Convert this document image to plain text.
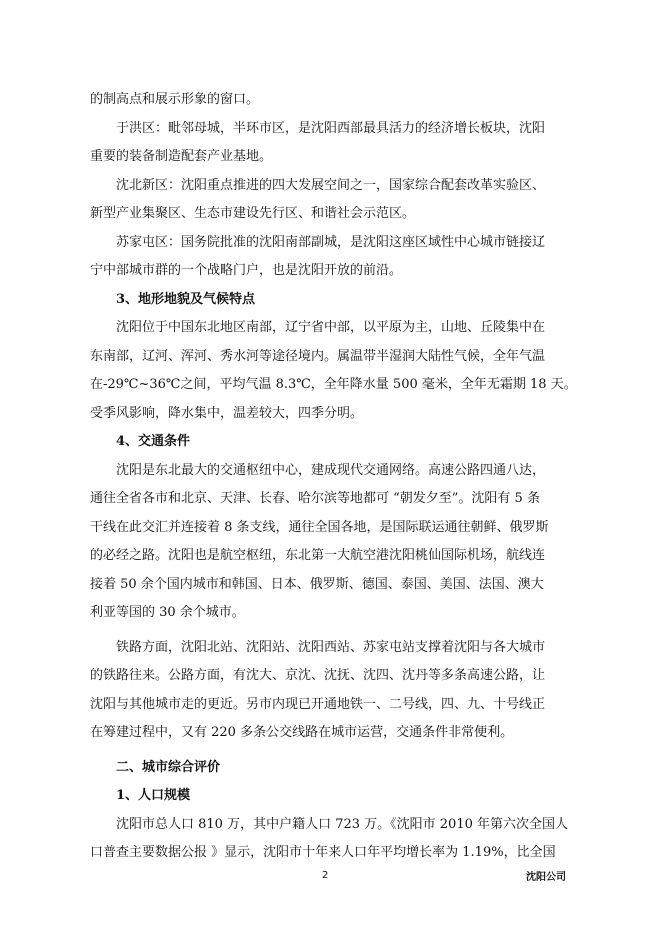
的制高点和展示形象的窗口。
于洪区：毗邻母城，半环市区，是沈阳西部最具活力的经济增长板块，沈阳
重要的装备制造配套产业基地。
沈北新区：沈阳重点推进的四大发展空间之一，国家综合配套改革实验区、
新型产业集聚区、生态市建设先行区、和谐社会示范区。
苏家屯区：国务院批准的沈阳南部副城，是沈阳这座区域性中心城市链接辽
宁中部城市群的一个战略门户，也是沈阳开放的前沿。
3、地形地貌及气候特点
沈阳位于中国东北地区南部，辽宁省中部，以平原为主，山地、丘陵集中在
东南部，辽河、浑河、秀水河等途径境内。属温带半湿润大陆性气候，全年气温
在-29℃~36℃之间，平均气温 8.3℃，全年降水量 500 毫米，全年无霜期 18 天。
受季风影响，降水集中，温差较大，四季分明。
4、交通条件
沈阳是东北最大的交通枢纽中心，建成现代交通网络。高速公路四通八达，
通往全省各市和北京、天津、长春、哈尔滨等地都可 “朝发夕至”。沈阳有 5 条
干线在此交汇并连接着 8 条支线，通往全国各地，是国际联运通往朝鲜、俄罗斯
的必经之路。沈阳也是航空枢纽，东北第一大航空港沈阳桃仙国际机场，航线连
接着 50 余个国内城市和韩国、日本、俄罗斯、德国、泰国、美国、法国、澳大
利亚等国的 30 余个城市。
铁路方面，沈阳北站、沈阳站、沈阳西站、苏家屯站支撑着沈阳与各大城市
的铁路往来。公路方面，有沈大、京沈、沈抚、沈四、沈丹等多条高速公路，让
沈阳与其他城市走的更近。另市内现已开通地铁一、二号线，四、九、十号线正
在筹建过程中，又有 220 多条公交线路在城市运营，交通条件非常便利。
二、城市综合评价
1、人口规模
沈阳市总人口 810 万，其中户籍人口 723 万。《沈阳市 2010 年第六次全国人
口普查主要数据公报 》显示，沈阳市十年来人口年平均增长率为 1.19%，比全国
2	沈阳公司
